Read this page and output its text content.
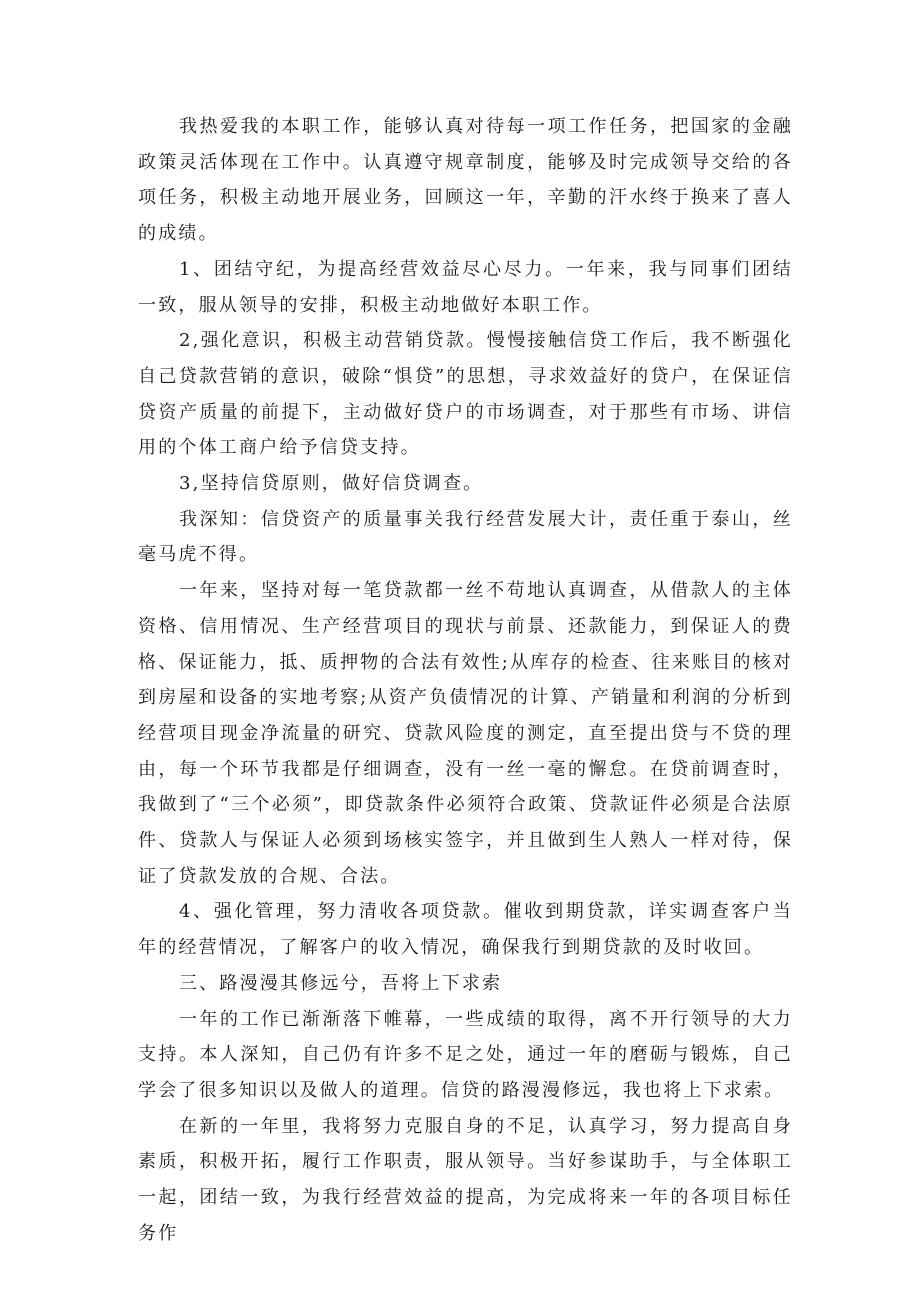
我热爱我的本职工作，能够认真对待每一项工作任务，把国家的金融政策灵活体现在工作中。认真遵守规章制度，能够及时完成领导交给的各项任务，积极主动地开展业务，回顾这一年，辛勤的汗水终于换来了喜人的成绩。

1、团结守纪，为提高经营效益尽心尽力。一年来，我与同事们团结一致，服从领导的安排，积极主动地做好本职工作。

2,强化意识，积极主动营销贷款。慢慢接触信贷工作后，我不断强化自己贷款营销的意识，破除“惧贷”的思想，寻求效益好的贷户，在保证信贷资产质量的前提下，主动做好贷户的市场调查，对于那些有市场、讲信用的个体工商户给予信贷支持。

3,坚持信贷原则，做好信贷调查。

我深知：信贷资产的质量事关我行经营发展大计，责任重于泰山，丝毫马虎不得。

一年来，坚持对每一笔贷款都一丝不苟地认真调查，从借款人的主体资格、信用情况、生产经营项目的现状与前景、还款能力，到保证人的费格、保证能力，抵、质押物的合法有效性;从库存的检查、往来账目的核对到房屋和设备的实地考察;从资产负债情况的计算、产销量和利润的分析到经营项目现金净流量的研究、贷款风险度的测定，直至提出贷与不贷的理由，每一个环节我都是仔细调查，没有一丝一毫的懈怠。在贷前调查时，我做到了“三个必须”，即贷款条件必须符合政策、贷款证件必须是合法原件、贷款人与保证人必须到场核实签字，并且做到生人熟人一样对待，保证了贷款发放的合规、合法。

4、强化管理，努力清收各项贷款。催收到期贷款，详实调查客户当年的经营情况，了解客户的收入情况，确保我行到期贷款的及时收回。

三、路漫漫其修远兮，吾将上下求索

一年的工作已渐渐落下帷幕，一些成绩的取得，离不开行领导的大力支持。本人深知，自己仍有许多不足之处，通过一年的磨砺与锻炼，自己学会了很多知识以及做人的道理。信贷的路漫漫修远，我也将上下求索。

在新的一年里，我将努力克服自身的不足，认真学习，努力提高自身素质，积极开拓，履行工作职责，服从领导。当好参谋助手，与全体职工一起，团结一致，为我行经营效益的提高，为完成将来一年的各项目标任务作
